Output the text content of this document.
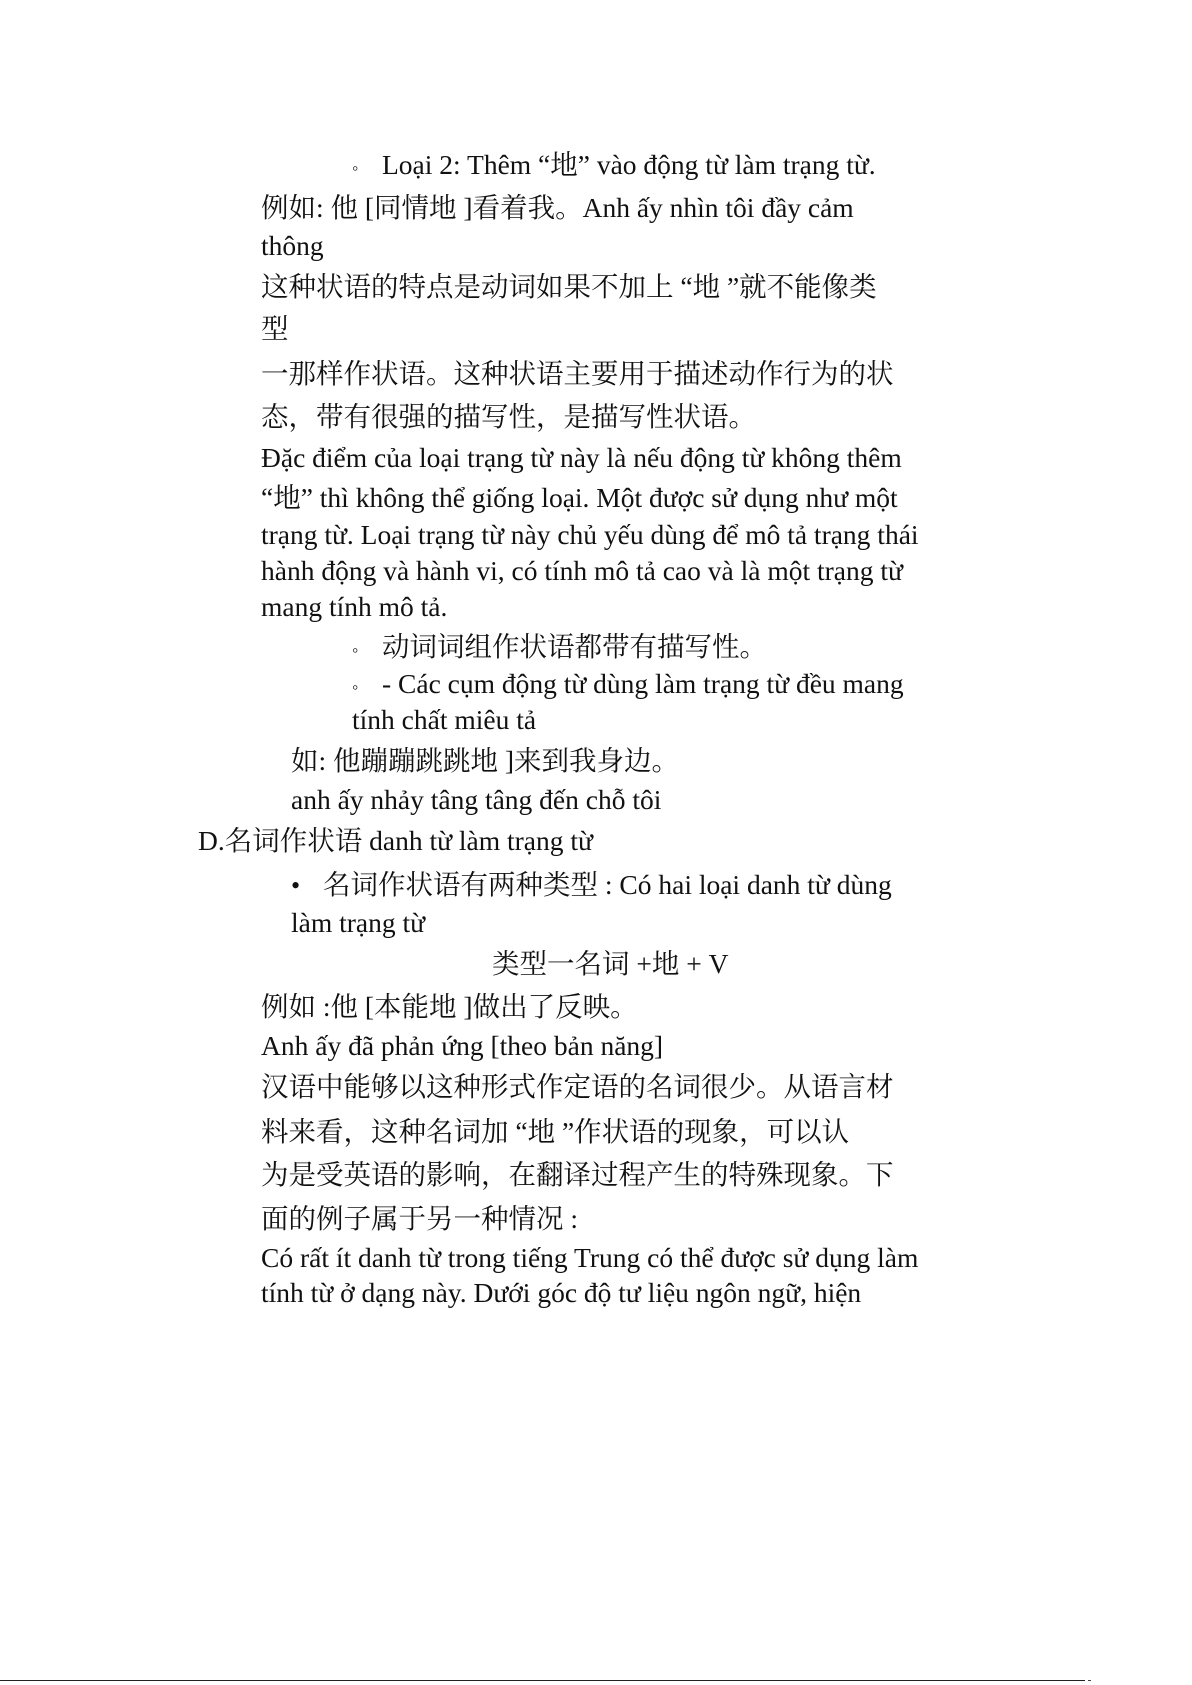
◦ Loại 2: Thêm “地” vào động từ làm trạng từ.

例如: 他 [同情地 ]看着我。Anh ấy nhìn tôi đầy cảm

thông

这种状语的特点是动词如果不加上 “地 ”就不能像类

型

一那样作状语。这种状语主要用于描述动作行为的状

态，带有很强的描写性，是描写性状语。

Đặc điểm của loại trạng từ này là nếu động từ không thêm

“地” thì không thể giống loại. Một được sử dụng như một

trạng từ. Loại trạng từ này chủ yếu dùng để mô tả trạng thái

hành động và hành vi, có tính mô tả cao và là một trạng từ

mang tính mô tả.

◦ 动词词组作状语都带有描写性。

◦ - Các cụm động từ dùng làm trạng từ đều mang

tính chất miêu tả

如: 他蹦蹦跳跳地 ]来到我身边。

anh ấy nhảy tâng tâng đến chỗ tôi

D.名词作状语 danh từ làm trạng từ

• 名词作状语有两种类型 : Có hai loại danh từ dùng

làm trạng từ

类型一名词 +地 + V

例如 :他 [本能地 ]做出了反映。

Anh ấy đã phản ứng [theo bản năng]

汉语中能够以这种形式作定语的名词很少。从语言材

料来看，这种名词加 “地 ”作状语的现象，可以认

为是受英语的影响，在翻译过程产生的特殊现象。下

面的例子属于另一种情况 :

Có rất ít danh từ trong tiếng Trung có thể được sử dụng làm

tính từ ở dạng này. Dưới góc độ tư liệu ngôn ngữ, hiện
